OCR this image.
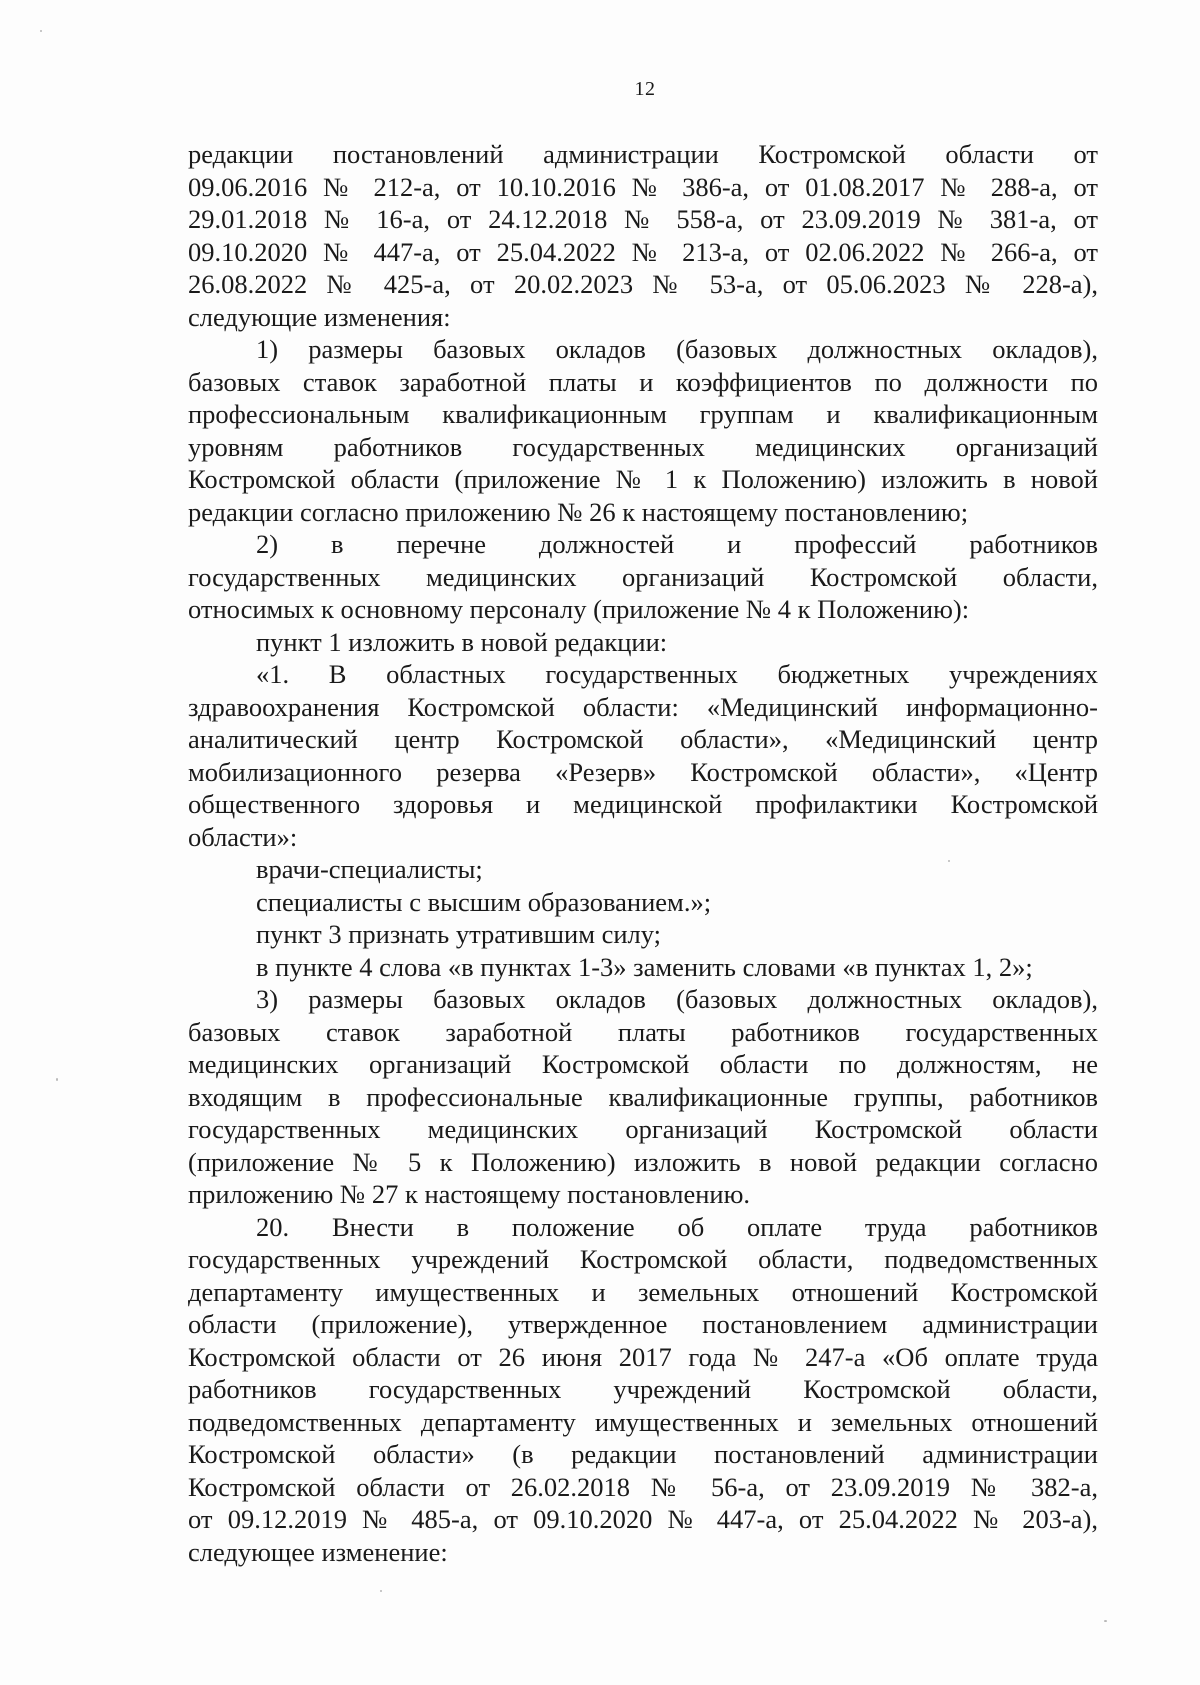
12
редакции постановлений администрации Костромской области от
09.06.2016 № 212-а, от 10.10.2016 № 386-а, от 01.08.2017 № 288-а, от
29.01.2018 № 16-а, от 24.12.2018 № 558-а, от 23.09.2019 № 381-а, от
09.10.2020 № 447-а, от 25.04.2022 № 213-а, от 02.06.2022 № 266-а, от
26.08.2022 № 425-а, от 20.02.2023 № 53-а, от 05.06.2023 № 228-а),
следующие изменения:
1) размеры базовых окладов (базовых должностных окладов),
базовых ставок заработной платы и коэффициентов по должности по
профессиональным квалификационным группам и квалификационным
уровням работников государственных медицинских организаций
Костромской области (приложение № 1 к Положению) изложить в новой
редакции согласно приложению № 26 к настоящему постановлению;
2) в перечне должностей и профессий работников
государственных медицинских организаций Костромской области,
относимых к основному персоналу (приложение № 4 к Положению):
пункт 1 изложить в новой редакции:
«1. В областных государственных бюджетных учреждениях
здравоохранения Костромской области: «Медицинский информационно-
аналитический центр Костромской области», «Медицинский центр
мобилизационного резерва «Резерв» Костромской области», «Центр
общественного здоровья и медицинской профилактики Костромской
области»:
врачи-специалисты;
специалисты с высшим образованием.»;
пункт 3 признать утратившим силу;
в пункте 4 слова «в пунктах 1-3» заменить словами «в пунктах 1, 2»;
3) размеры базовых окладов (базовых должностных окладов),
базовых ставок заработной платы работников государственных
медицинских организаций Костромской области по должностям, не
входящим в профессиональные квалификационные группы, работников
государственных медицинских организаций Костромской области
(приложение № 5 к Положению) изложить в новой редакции согласно
приложению № 27 к настоящему постановлению.
20. Внести в положение об оплате труда работников
государственных учреждений Костромской области, подведомственных
департаменту имущественных и земельных отношений Костромской
области (приложение), утвержденное постановлением администрации
Костромской области от 26 июня 2017 года № 247-а «Об оплате труда
работников государственных учреждений Костромской области,
подведомственных департаменту имущественных и земельных отношений
Костромской области» (в редакции постановлений администрации
Костромской области от 26.02.2018 № 56-а, от 23.09.2019 № 382-а,
от 09.12.2019 № 485-а, от 09.10.2020 № 447-а, от 25.04.2022 № 203-а),
следующее изменение:
